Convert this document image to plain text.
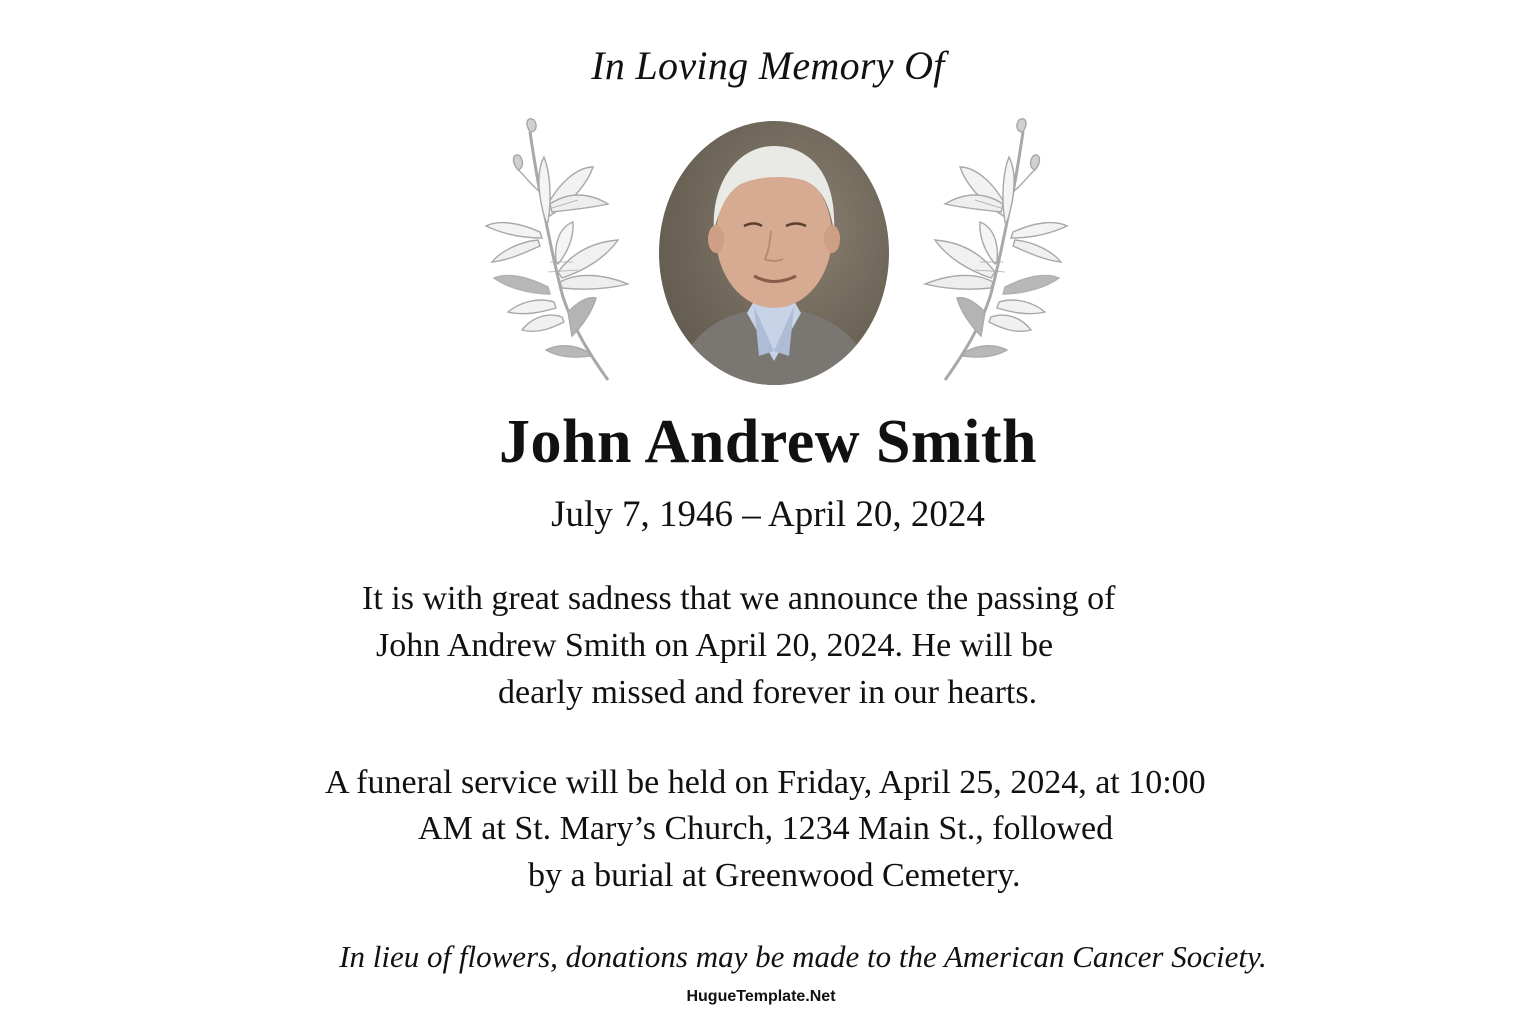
In Loving Memory Of
John Andrew Smith
July 7, 1946 – April 20, 2024
It is with great sadness that we announce the passing of
John Andrew Smith on April 20, 2024. He will be
dearly missed and forever in our hearts.
A funeral service will be held on Friday, April 25, 2024, at 10:00
AM at St. Mary’s Church, 1234 Main St., followed
by a burial at Greenwood Cemetery.
In lieu of flowers, donations may be made to the American Cancer Society.
HugueTemplate.Net
